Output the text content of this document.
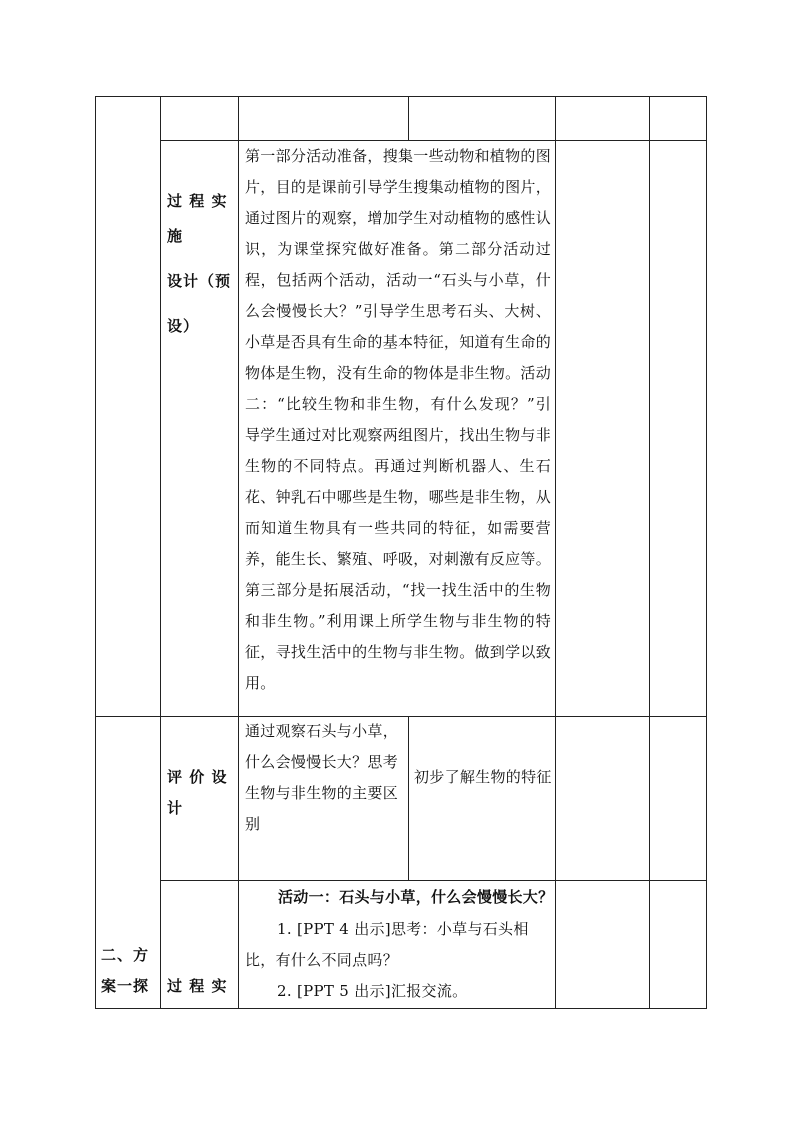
过 程 实
施
设计（预
设）
第一部分活动准备，搜集一些动物和植物的图片，目的是课前引导学生搜集动植物的图片，通过图片的观察，增加学生对动植物的感性认识，为课堂探究做好准备。第二部分活动过程，包括两个活动，活动一“石头与小草，什么会慢慢长大？”引导学生思考石头、大树、小草是否具有生命的基本特征，知道有生命的物体是生物，没有生命的物体是非生物。活动二：“比较生物和非生物，有什么发现？”引导学生通过对比观察两组图片，找出生物与非生物的不同特点。再通过判断机器人、生石花、钟乳石中哪些是生物，哪些是非生物，从而知道生物具有一些共同的特征，如需要营养，能生长、繁殖、呼吸，对刺激有反应等。第三部分是拓展活动，“找一找生活中的生物和非生物。”利用课上所学生物与非生物的特征，寻找生活中的生物与非生物。做到学以致用。
评 价 设
计
通过观察石头与小草，什么会慢慢长大？思考生物与非生物的主要区别
初步了解生物的特征
二、方
案一探	过 程 实
活动一：石头与小草，什么会慢慢长大？
1. [PPT 4 出示]思考：小草与石头相比，有什么不同点吗？
2. [PPT 5 出示]汇报交流。
